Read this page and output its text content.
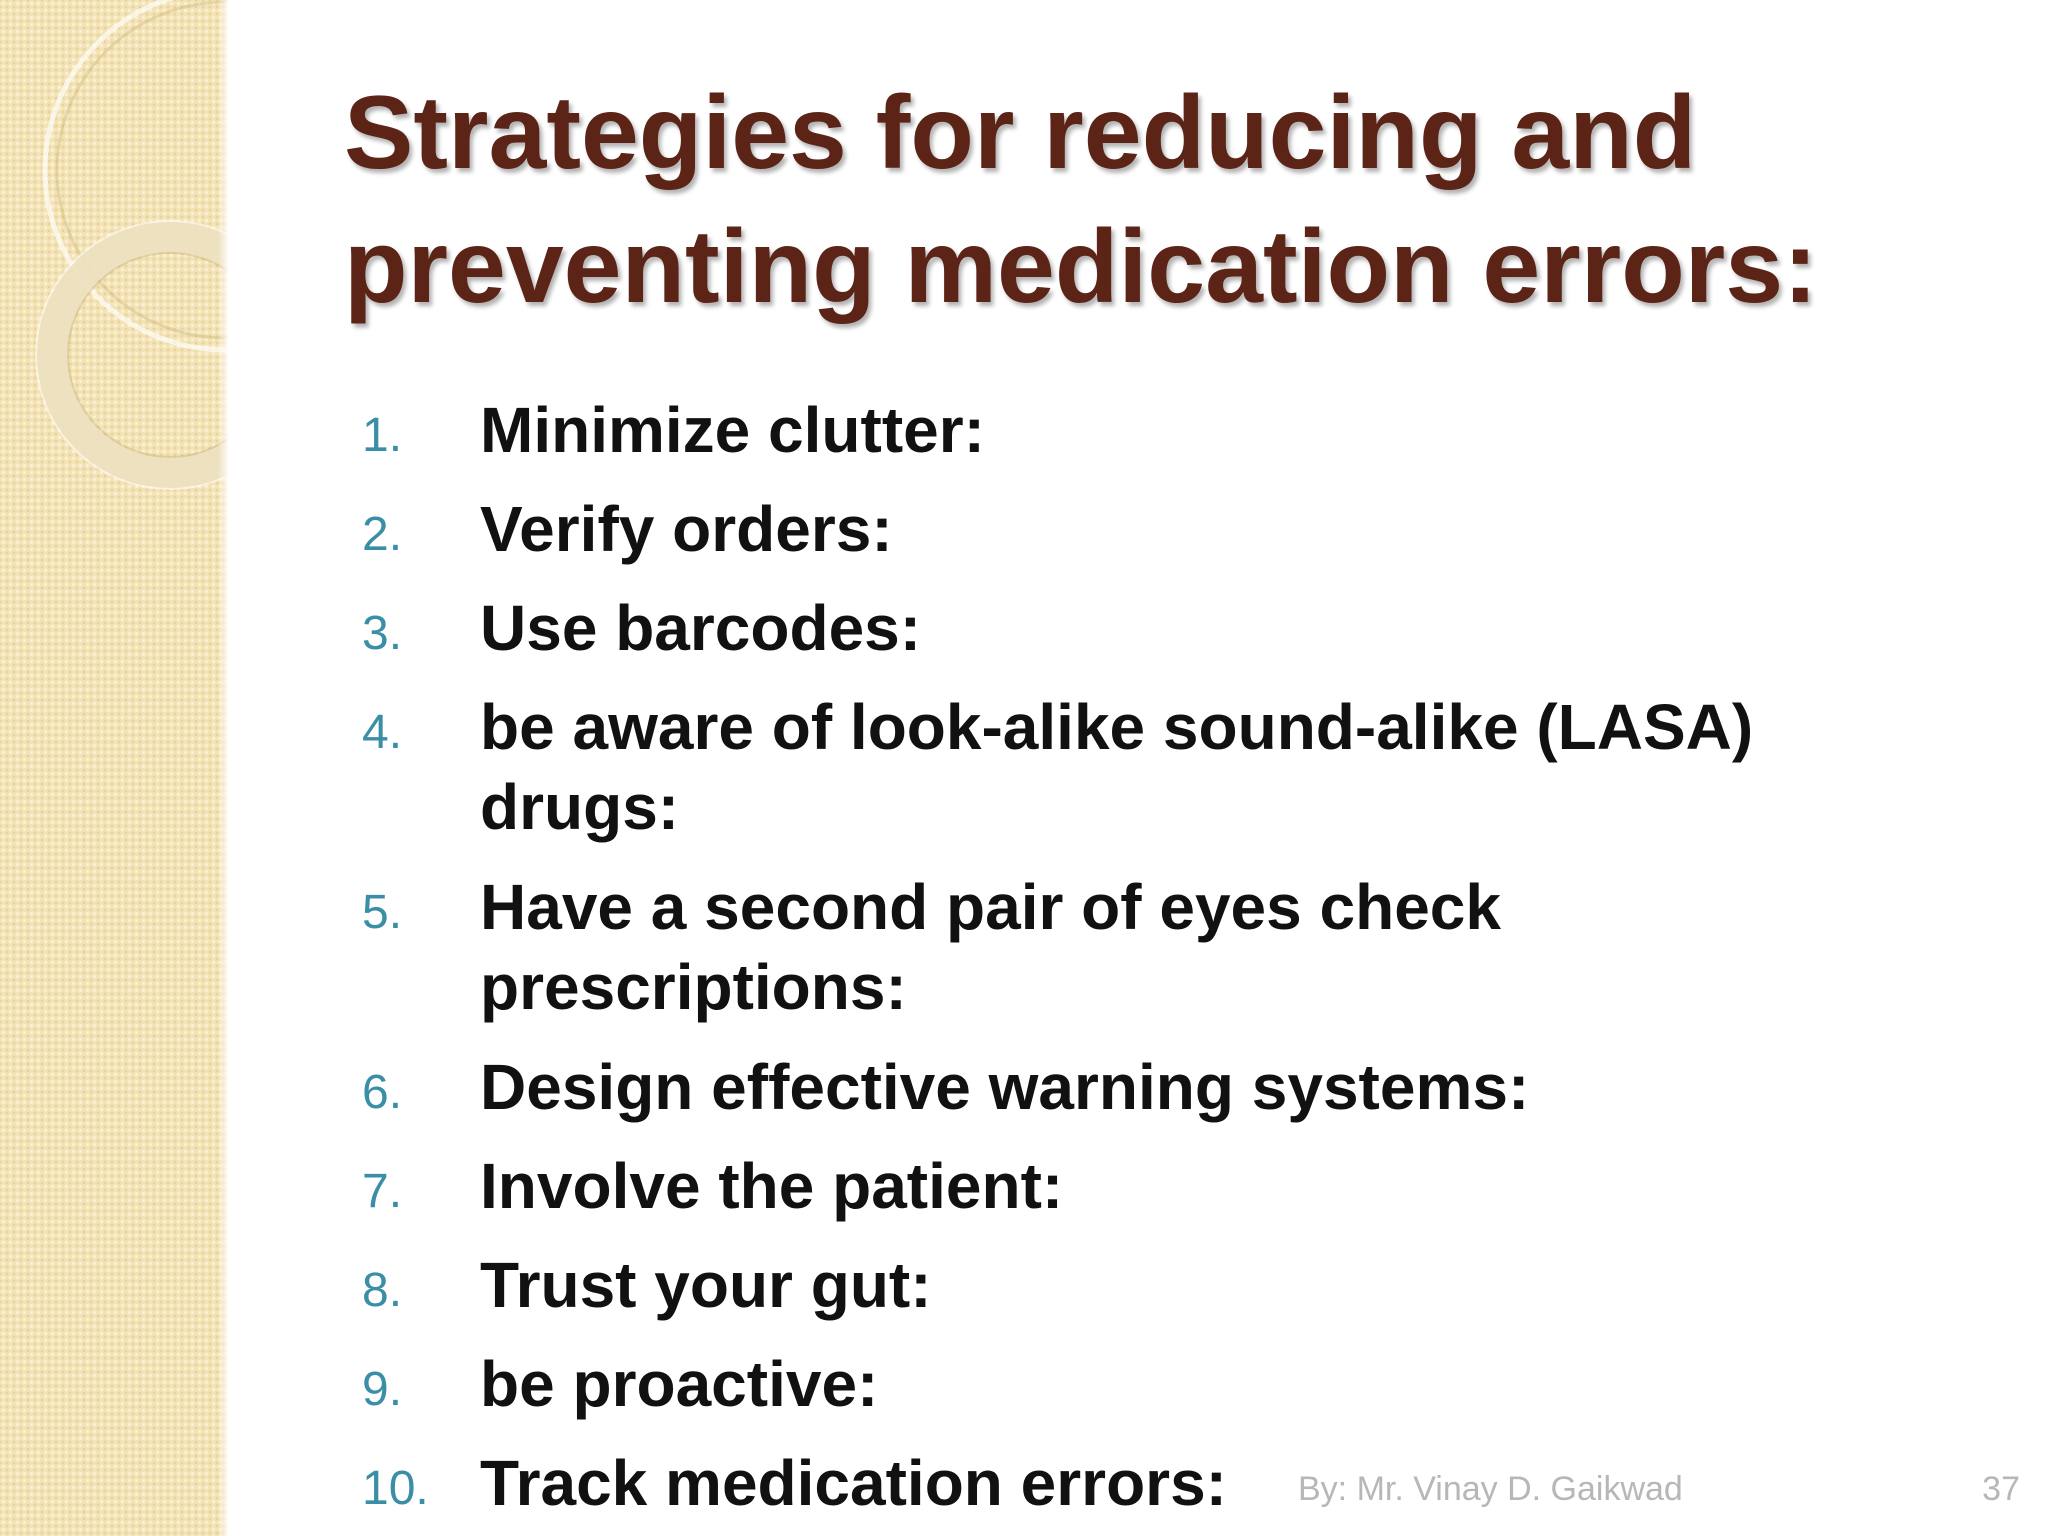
Strategies for reducing and
preventing medication errors:
1. Minimize clutter:
2. Verify orders:
3. Use barcodes:
4. be aware of look-alike sound-alike (LASA) drugs:
5. Have a second pair of eyes check prescriptions:
6. Design effective warning systems:
7. Involve the patient:
8. Trust your gut:
9. be proactive:
10. Track medication errors:	By: Mr. Vinay D. Gaikwad	37
